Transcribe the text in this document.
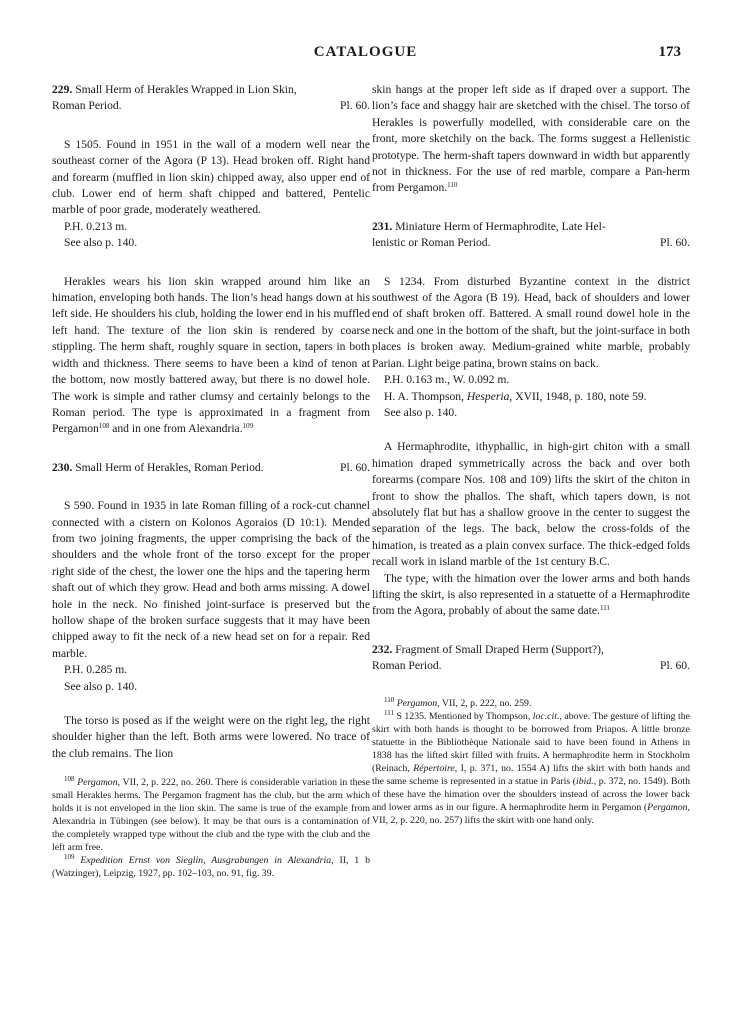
CATALOGUE	173

229. Small Herm of Herakles Wrapped in Lion Skin,

Roman Period.	Pl. 60.

S 1505. Found in 1951 in the wall of a modern well near the southeast corner of the Agora (P 13). Head broken off. Right hand and forearm (muffled in lion skin) chipped away, also upper end of club. Lower end of herm shaft chipped and battered, Pentelic marble of poor grade, moderately weathered.

P.H. 0.213 m.

See also p. 140.

Herakles wears his lion skin wrapped around him like an himation, enveloping both hands. The lion’s head hangs down at his left side. He shoulders his club, holding the lower end in his muffled left hand. The texture of the lion skin is rendered by coarse stippling. The herm shaft, roughly square in section, tapers in both width and thickness. There seems to have been a kind of tenon at the bottom, now mostly battered away, but there is no dowel hole. The work is simple and rather clumsy and certainly belongs to the Roman period. The type is approximated in a fragment from Pergamon$^{108}$ and in one from Alexandria.$^{109}$

230. Small Herm of Herakles, Roman Period.	Pl. 60.

S 590. Found in 1935 in late Roman filling of a rock-cut channel connected with a cistern on Kolonos Agoraios (D 10:1). Mended from two joining fragments, the upper comprising the back of the shoulders and the whole front of the torso except for the proper right side of the chest, the lower one the hips and the tapering herm shaft out of which they grow. Head and both arms missing. A dowel hole in the neck. No finished joint-surface is preserved but the hollow shape of the broken surface suggests that it may have been chipped away to fit the neck of a new head set on for a repair. Red marble.

P.H. 0.285 m.

See also p. 140.

The torso is posed as if the weight were on the right leg, the right shoulder higher than the left. Both arms were lowered. No trace of the club remains. The lion

$^{108}$ Pergamon, VII, 2, p. 222, no. 260. There is considerable variation in these small Herakles herms. The Pergamon fragment has the club, but the arm which holds it is not enveloped in the lion skin. The same is true of the example from Alexandria in Tübingen (see below). It may be that ours is a contamination of the completely wrapped type without the club and the type with the club and the left arm free.

$^{109}$ Expedition Ernst von Sieglin, Ausgrabungen in Alexandria, II, 1 b (Watzinger), Leipzig, 1927, pp. 102–103, no. 91, fig. 39.

skin hangs at the proper left side as if draped over a support. The lion’s face and shaggy hair are sketched with the chisel. The torso of Herakles is powerfully modelled, with considerable care on the front, more sketchily on the back. The forms suggest a Hellenistic prototype. The herm-shaft tapers downward in width but apparently not in thickness. For the use of red marble, compare a Pan-herm from Pergamon.$^{110}$

231. Miniature Herm of Hermaphrodite, Late Hel-

lenistic or Roman Period.	Pl. 60.

S 1234. From disturbed Byzantine context in the district southwest of the Agora (B 19). Head, back of shoulders and lower end of shaft broken off. Battered. A small round dowel hole in the neck and one in the bottom of the shaft, but the joint-surface in both places is broken away. Medium-grained white marble, probably Parian. Light beige patina, brown stains on back.

P.H. 0.163 m., W. 0.092 m.

H. A. Thompson, Hesperia, XVII, 1948, p. 180, note 59.

See also p. 140.

A Hermaphrodite, ithyphallic, in high-girt chiton with a small himation draped symmetrically across the back and over both forearms (compare Nos. 108 and 109) lifts the skirt of the chiton in front to show the phallos. The shaft, which tapers down, is not absolutely flat but has a shallow groove in the center to suggest the separation of the legs. The back, below the cross-folds of the himation, is treated as a plain convex surface. The thick-edged folds recall work in island marble of the 1st century B.C.

The type, with the himation over the lower arms and both hands lifting the skirt, is also represented in a statuette of a Hermaphrodite from the Agora, probably of about the same date.$^{111}$

232. Fragment of Small Draped Herm (Support?),

Roman Period.	Pl. 60.

$^{110}$ Pergamon, VII, 2, p. 222, no. 259.

$^{111}$ S 1235. Mentioned by Thompson, loc.cit., above. The gesture of lifting the skirt with both hands is thought to be borrowed from Priapos. A little bronze statuette in the Bibliothèque Nationale said to have been found in Athens in 1838 has the lifted skirt filled with fruits. A hermaphrodite herm in Stockholm (Reinach, Répertoire, I, p. 371, no. 1554 A) lifts the skirt with both hands and the same scheme is represented in a statue in Paris (ibid., p. 372, no. 1549). Both of these have the himation over the shoulders instead of across the lower back and lower arms as in our figure. A hermaphrodite herm in Pergamon (Pergamon, VII, 2, p. 220, no. 257) lifts the skirt with one hand only.
